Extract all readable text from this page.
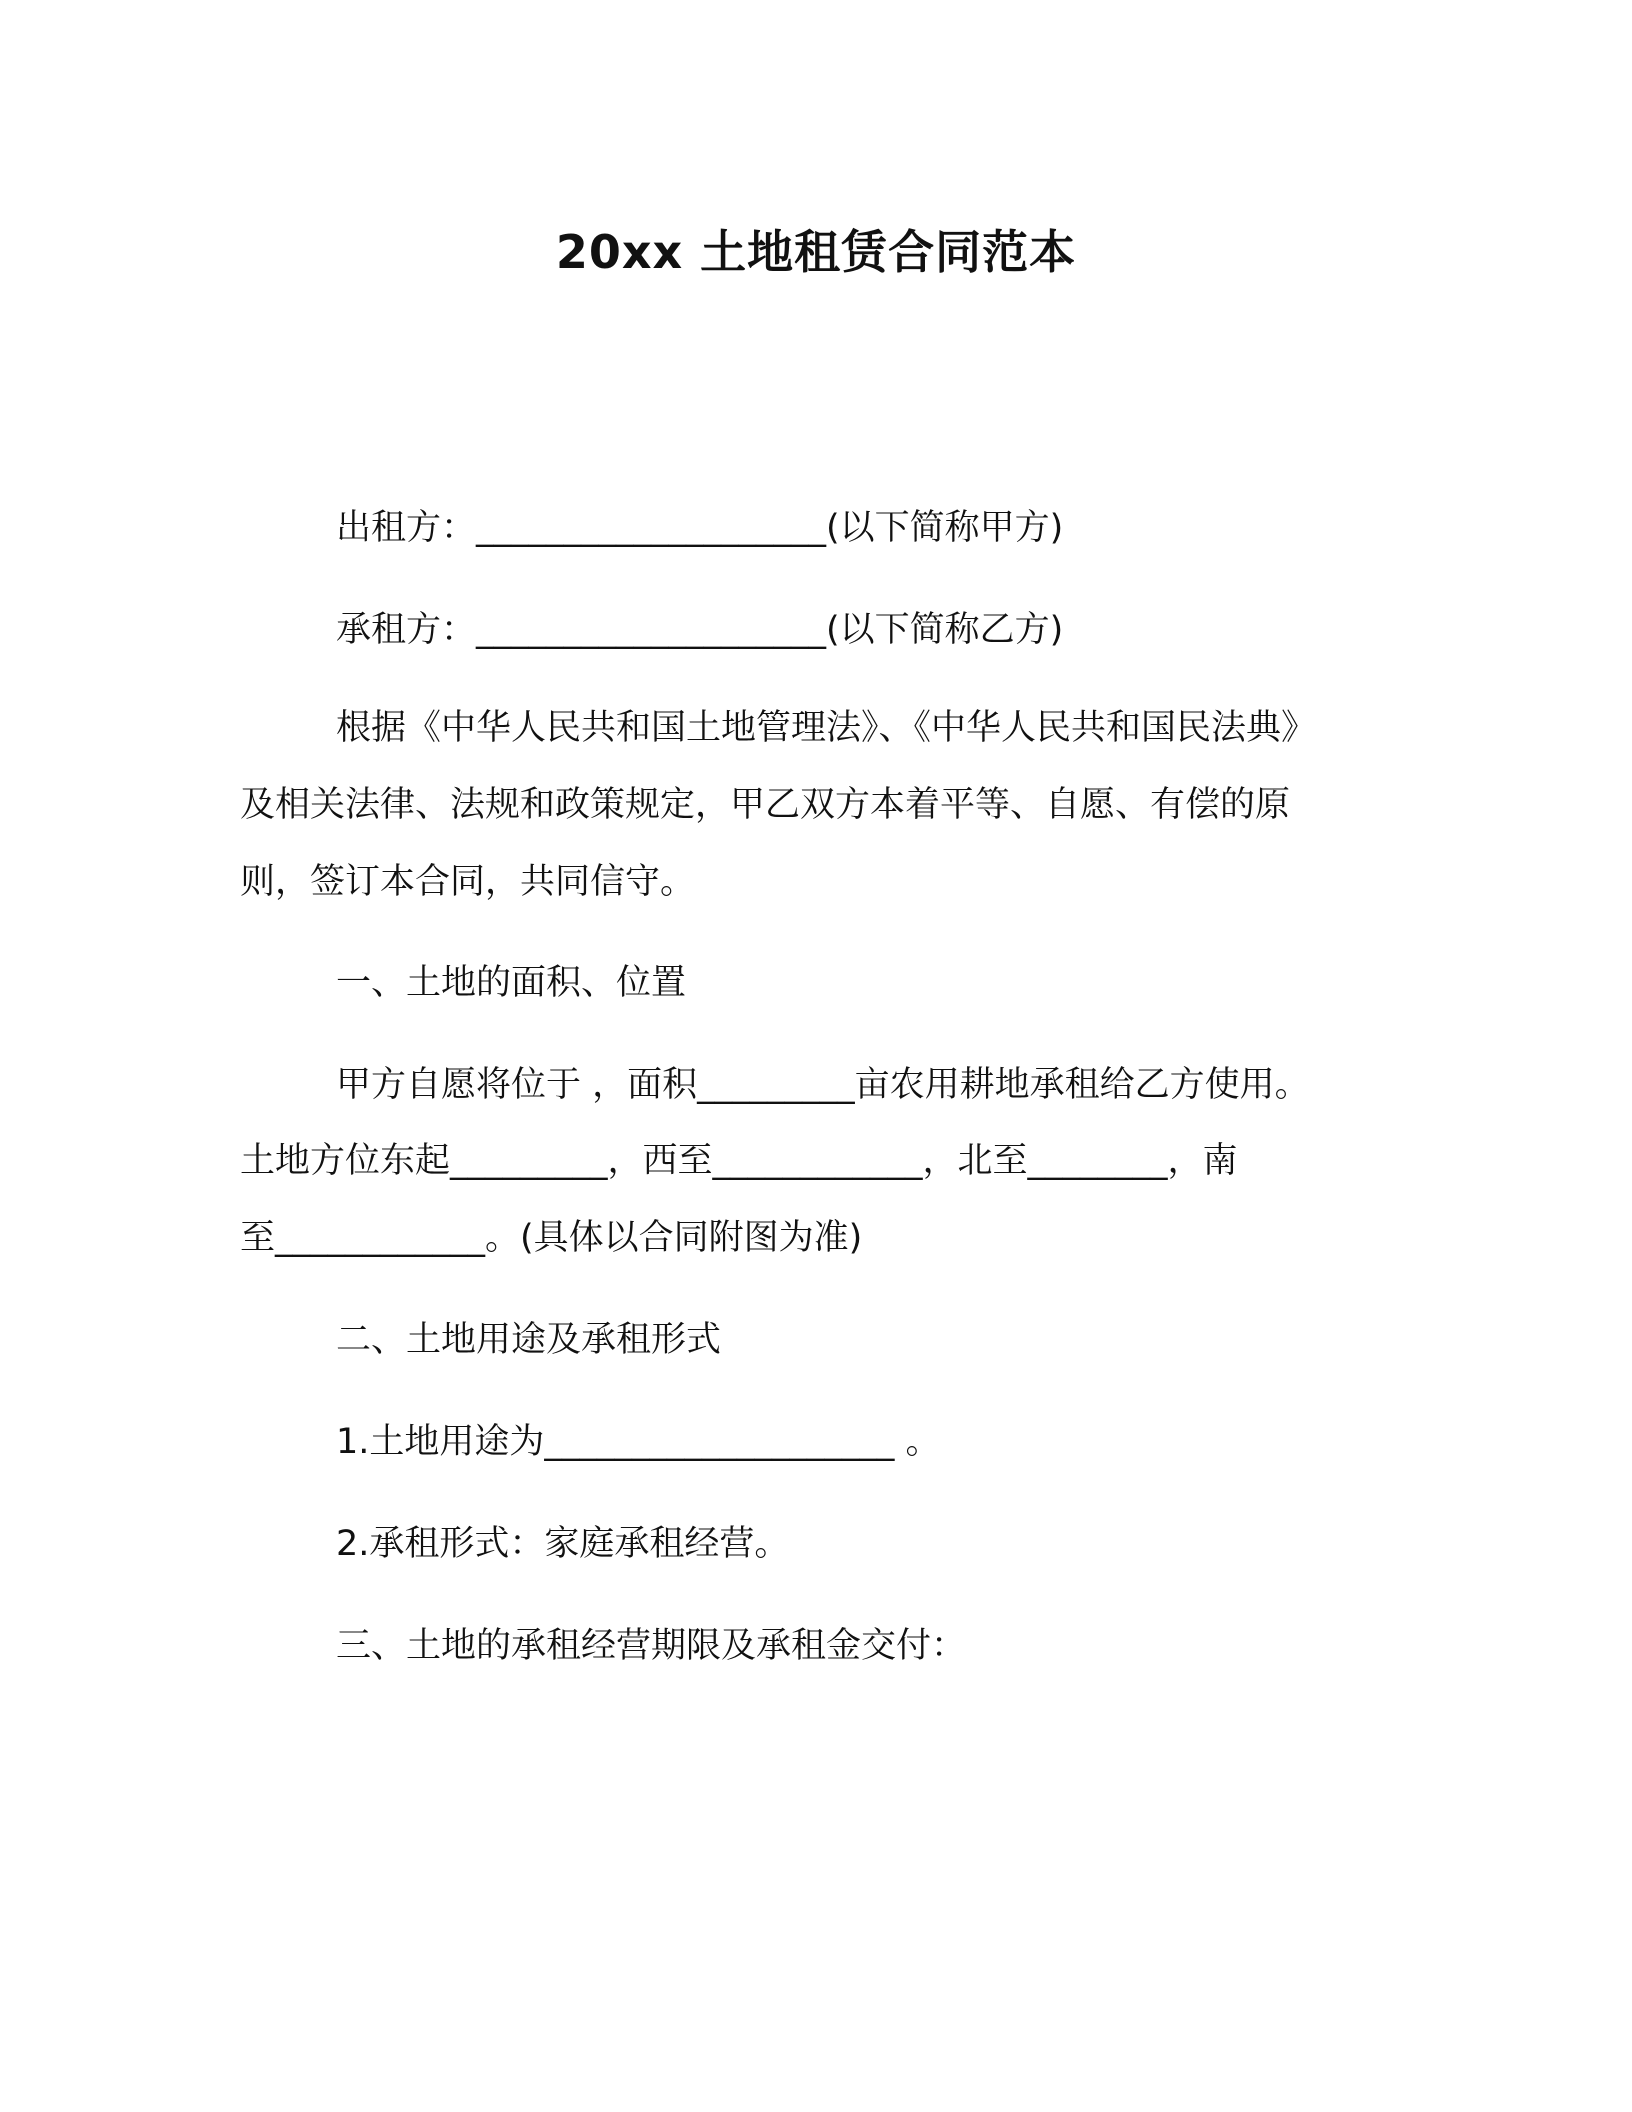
20xx 土地租赁合同范本
出租方：____________________(以下简称甲方)
承租方：____________________(以下简称乙方)
根据《中华人民共和国土地管理法》、《中华人民共和国民法典》
及相关法律、法规和政策规定，甲乙双方本着平等、自愿、有偿的原
则，签订本合同，共同信守。
一、土地的面积、位置
甲方自愿将位于 ，面积_________亩农用耕地承租给乙方使用。
土地方位东起_________，西至____________，北至________，南
至____________。(具体以合同附图为准)
二、土地用途及承租形式
1.土地用途为____________________ 。
2.承租形式：家庭承租经营。
三、土地的承租经营期限及承租金交付：
